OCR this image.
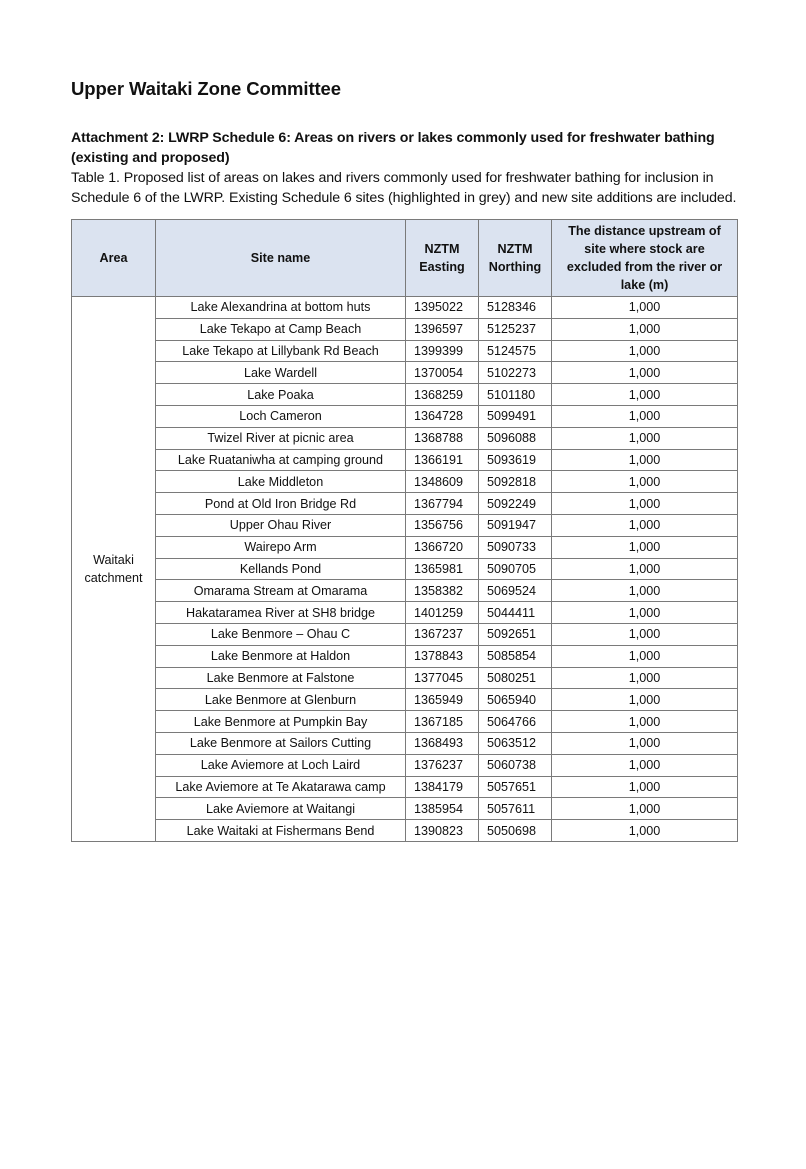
Upper Waitaki Zone Committee

Attachment 2: LWRP Schedule 6: Areas on rivers or lakes commonly used for freshwater bathing (existing and proposed)

Table 1. Proposed list of areas on lakes and rivers commonly used for freshwater bathing for inclusion in Schedule 6 of the LWRP. Existing Schedule 6 sites (highlighted in grey) and new site additions are included.

Area	Site name	NZTM Easting	NZTM Northing	The distance upstream of site where stock are excluded from the river or lake (m)
Waitaki catchment	Lake Alexandrina at bottom huts	1395022	5128346	1,000
	Lake Tekapo at Camp Beach	1396597	5125237	1,000
	Lake Tekapo at Lillybank Rd Beach	1399399	5124575	1,000
	Lake Wardell	1370054	5102273	1,000
	Lake Poaka	1368259	5101180	1,000
	Loch Cameron	1364728	5099491	1,000
	Twizel River at picnic area	1368788	5096088	1,000
	Lake Ruataniwha at camping ground	1366191	5093619	1,000
	Lake Middleton	1348609	5092818	1,000
	Pond at Old Iron Bridge Rd	1367794	5092249	1,000
	Upper Ohau River	1356756	5091947	1,000
	Wairepo Arm	1366720	5090733	1,000
	Kellands Pond	1365981	5090705	1,000
	Omarama Stream at Omarama	1358382	5069524	1,000
	Hakataramea River at SH8 bridge	1401259	5044411	1,000
	Lake Benmore – Ohau C	1367237	5092651	1,000
	Lake Benmore at Haldon	1378843	5085854	1,000
	Lake Benmore at Falstone	1377045	5080251	1,000
	Lake Benmore at Glenburn	1365949	5065940	1,000
	Lake Benmore at Pumpkin Bay	1367185	5064766	1,000
	Lake Benmore at Sailors Cutting	1368493	5063512	1,000
	Lake Aviemore at Loch Laird	1376237	5060738	1,000
	Lake Aviemore at Te Akatarawa camp	1384179	5057651	1,000
	Lake Aviemore at Waitangi	1385954	5057611	1,000
	Lake Waitaki at Fishermans Bend	1390823	5050698	1,000
